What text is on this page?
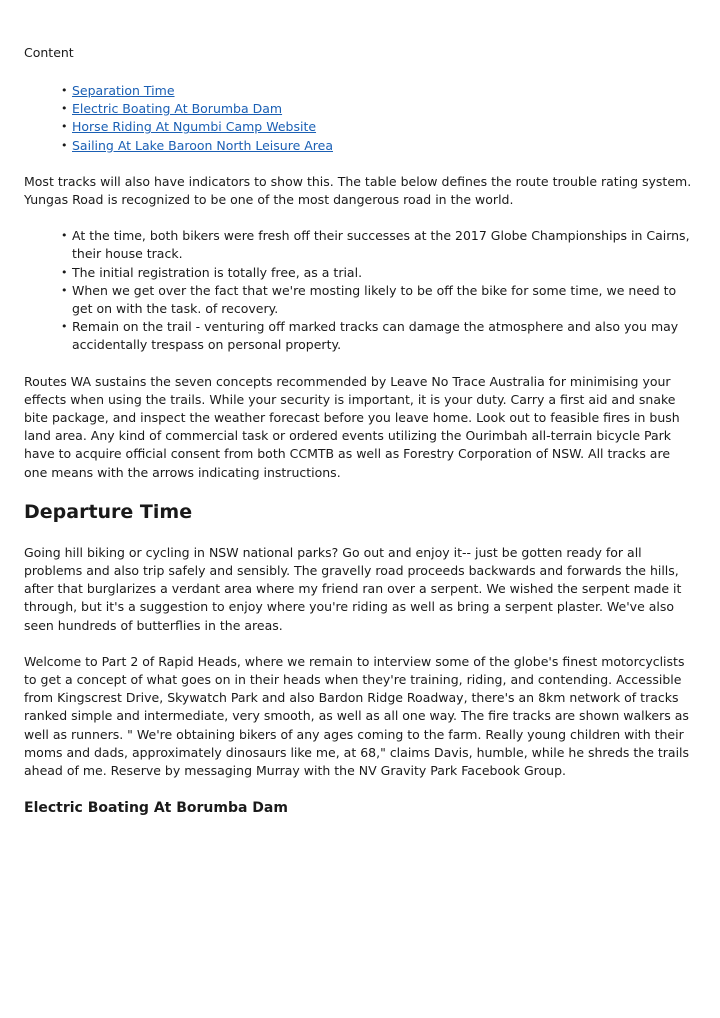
Content
• Separation Time
• Electric Boating At Borumba Dam
• Horse Riding At Ngumbi Camp Website
• Sailing At Lake Baroon North Leisure Area

Most tracks will also have indicators to show this. The table below defines the route trouble rating system. Yungas Road is recognized to be one of the most dangerous road in the world.

• At the time, both bikers were fresh off their successes at the 2017 Globe Championships in Cairns, their house track.
• The initial registration is totally free, as a trial.
• When we get over the fact that we're mosting likely to be off the bike for some time, we need to get on with the task. of recovery.
• Remain on the trail - venturing off marked tracks can damage the atmosphere and also you may accidentally trespass on personal property.

Routes WA sustains the seven concepts recommended by Leave No Trace Australia for minimising your effects when using the trails. While your security is important, it is your duty. Carry a first aid and snake bite package, and inspect the weather forecast before you leave home. Look out to feasible fires in bush land area. Any kind of commercial task or ordered events utilizing the Ourimbah all-terrain bicycle Park have to acquire official consent from both CCMTB as well as Forestry Corporation of NSW. All tracks are one means with the arrows indicating instructions.

Departure Time

Going hill biking or cycling in NSW national parks? Go out and enjoy it-- just be gotten ready for all problems and also trip safely and sensibly. The gravelly road proceeds backwards and forwards the hills, after that burglarizes a verdant area where my friend ran over a serpent. We wished the serpent made it through, but it's a suggestion to enjoy where you're riding as well as bring a serpent plaster. We've also seen hundreds of butterflies in the areas.

Welcome to Part 2 of Rapid Heads, where we remain to interview some of the globe's finest motorcyclists to get a concept of what goes on in their heads when they're training, riding, and contending. Accessible from Kingscrest Drive, Skywatch Park and also Bardon Ridge Roadway, there's an 8km network of tracks ranked simple and intermediate, very smooth, as well as all one way. The fire tracks are shown walkers as well as runners. " We're obtaining bikers of any ages coming to the farm. Really young children with their moms and dads, approximately dinosaurs like me, at 68," claims Davis, humble, while he shreds the trails ahead of me. Reserve by messaging Murray with the NV Gravity Park Facebook Group.

Electric Boating At Borumba Dam
